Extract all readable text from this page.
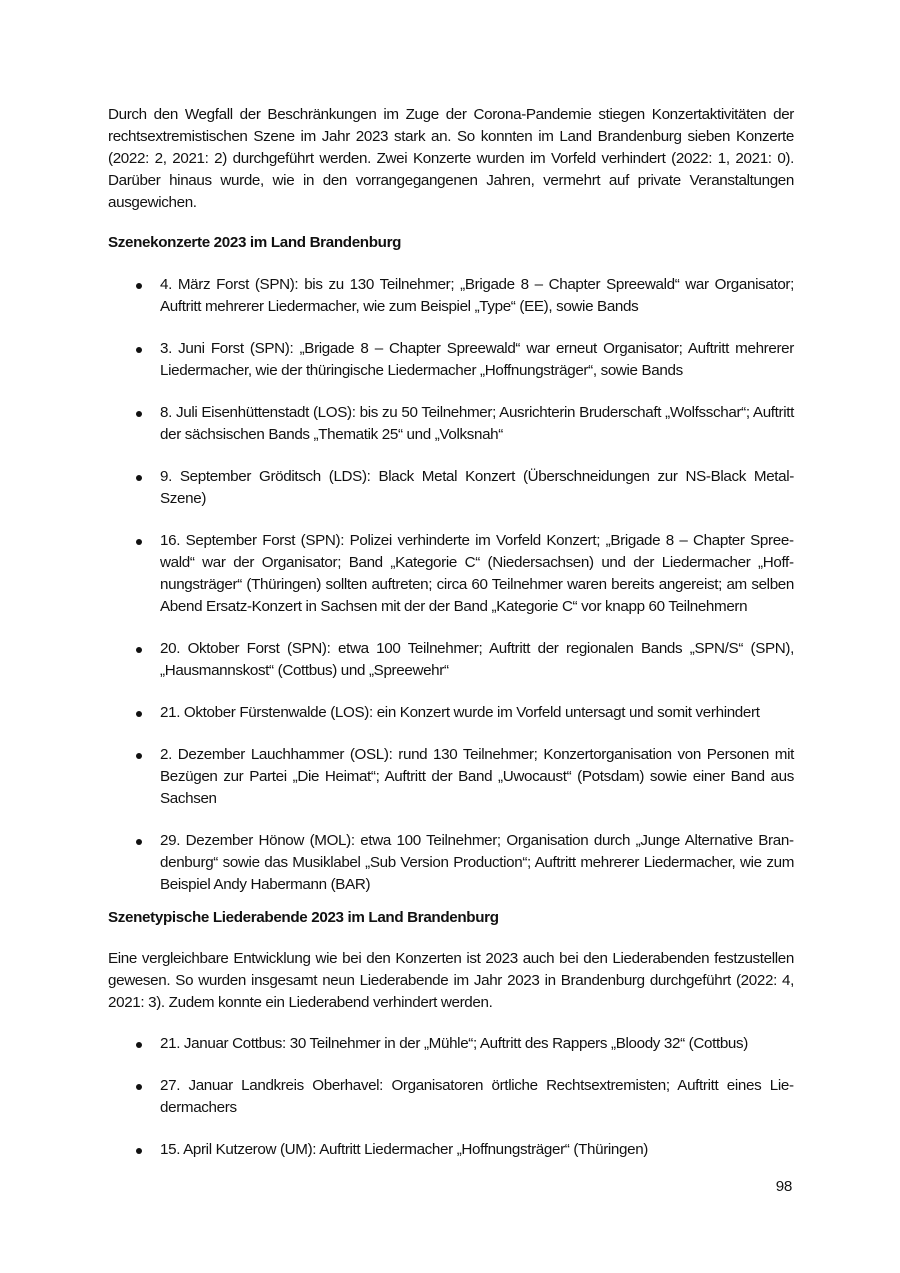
Durch den Wegfall der Beschränkungen im Zuge der Corona-Pandemie stiegen Konzertaktivitäten der rechtsextremistischen Szene im Jahr 2023 stark an. So konnten im Land Brandenburg sieben Konzerte (2022: 2, 2021: 2) durchgeführt werden. Zwei Konzerte wurden im Vorfeld verhindert (2022: 1, 2021: 0). Darüber hinaus wurde, wie in den vorrangegangenen Jahren, vermehrt auf private Veranstaltungen ausgewichen.
Szenekonzerte 2023 im Land Brandenburg
4. März Forst (SPN): bis zu 130 Teilnehmer; „Brigade 8 – Chapter Spreewald“ war Organisator; Auftritt mehrerer Liedermacher, wie zum Beispiel „Type“ (EE), sowie Bands
3. Juni Forst (SPN): „Brigade 8 – Chapter Spreewald“ war erneut Organisator; Auftritt mehrerer Liedermacher, wie der thüringische Liedermacher „Hoffnungsträger“, sowie Bands
8. Juli Eisenhüttenstadt (LOS): bis zu 50 Teilnehmer; Ausrichterin Bruderschaft „Wolfsschar“; Auftritt der sächsischen Bands „Thematik 25“ und „Volksnah“
9. September Gröditsch (LDS): Black Metal Konzert (Überschneidungen zur NS-Black Metal-Szene)
16. September Forst (SPN): Polizei verhinderte im Vorfeld Konzert; „Brigade 8 – Chapter Spreewald“ war der Organisator; Band „Kategorie C“ (Niedersachsen) und der Liedermacher „Hoffnungsträger“ (Thüringen) sollten auftreten; circa 60 Teilnehmer waren bereits angereist; am selben Abend Ersatz-Konzert in Sachsen mit der der Band „Kategorie C“ vor knapp 60 Teilnehmern
20. Oktober Forst (SPN): etwa 100 Teilnehmer; Auftritt der regionalen Bands „SPN/S“ (SPN), „Hausmannskost“ (Cottbus) und „Spreewehr“
21. Oktober Fürstenwalde (LOS): ein Konzert wurde im Vorfeld untersagt und somit verhindert
2. Dezember Lauchhammer (OSL): rund 130 Teilnehmer; Konzertorganisation von Personen mit Bezügen zur Partei „Die Heimat“; Auftritt der Band „Uwocaust“ (Potsdam) sowie einer Band aus Sachsen
29. Dezember Hönow (MOL): etwa 100 Teilnehmer; Organisation durch „Junge Alternative Brandenburg“ sowie das Musiklabel „Sub Version Production“; Auftritt mehrerer Liedermacher, wie zum Beispiel Andy Habermann (BAR)
Szenetypische Liederabende 2023 im Land Brandenburg
Eine vergleichbare Entwicklung wie bei den Konzerten ist 2023 auch bei den Liederabenden festzustellen gewesen. So wurden insgesamt neun Liederabende im Jahr 2023 in Brandenburg durchgeführt (2022: 4, 2021: 3). Zudem konnte ein Liederabend verhindert werden.
21. Januar Cottbus: 30 Teilnehmer in der „Mühle“; Auftritt des Rappers „Bloody 32“ (Cottbus)
27. Januar Landkreis Oberhavel: Organisatoren örtliche Rechtsextremisten; Auftritt eines Liedermachers
15. April Kutzerow (UM): Auftritt Liedermacher „Hoffnungsträger“ (Thüringen)
98
